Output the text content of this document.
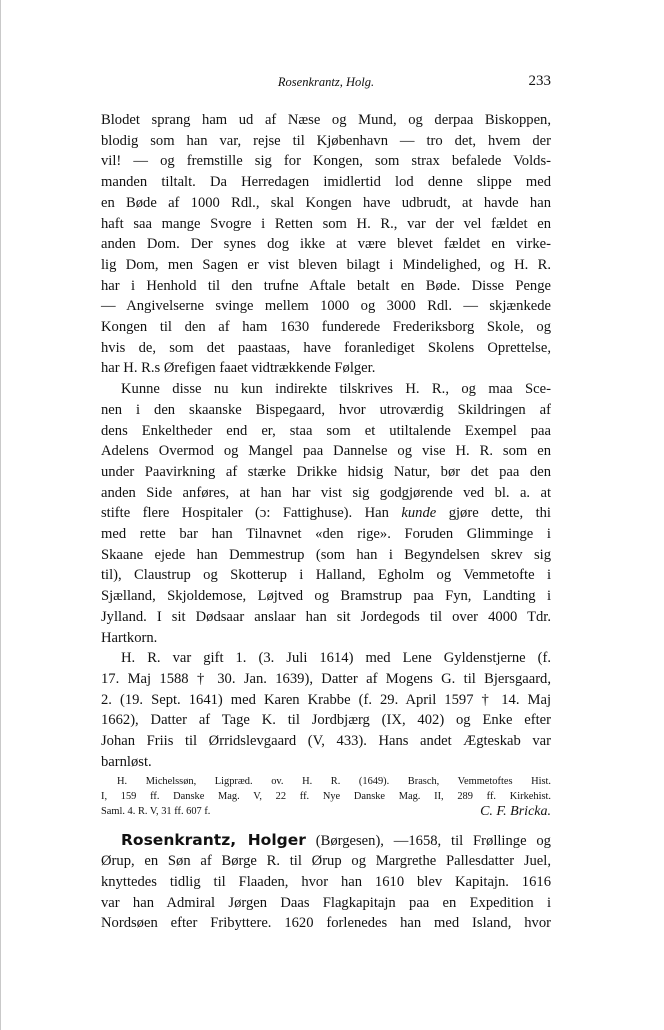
Rosenkrantz, Holg.	233
Blodet sprang ham ud af Næse og Mund, og derpaa Biskoppen,
blodig som han var, rejse til Kjøbenhavn — tro det, hvem der
vil! — og fremstille sig for Kongen, som strax befalede Volds-
manden tiltalt. Da Herredagen imidlertid lod denne slippe med
en Bøde af 1000 Rdl., skal Kongen have udbrudt, at havde han
haft saa mange Svogre i Retten som H. R., var der vel fældet en
anden Dom. Der synes dog ikke at være blevet fældet en virke-
lig Dom, men Sagen er vist bleven bilagt i Mindelighed, og H. R.
har i Henhold til den trufne Aftale betalt en Bøde. Disse Penge
— Angivelserne svinge mellem 1000 og 3000 Rdl. — skjænkede
Kongen til den af ham 1630 funderede Frederiksborg Skole, og
hvis de, som det paastaas, have foranlediget Skolens Oprettelse,
har H. R.s Ørefigen faaet vidtrækkende Følger.
Kunne disse nu kun indirekte tilskrives H. R., og maa Sce-
nen i den skaanske Bispegaard, hvor utroværdig Skildringen af
dens Enkeltheder end er, staa som et utiltalende Exempel paa
Adelens Overmod og Mangel paa Dannelse og vise H. R. som en
under Paavirkning af stærke Drikke hidsig Natur, bør det paa den
anden Side anføres, at han har vist sig godgjørende ved bl. a. at
stifte flere Hospitaler (ɔ: Fattighuse). Han kunde gjøre dette, thi
med rette bar han Tilnavnet «den rige». Foruden Glimminge i
Skaane ejede han Demmestrup (som han i Begyndelsen skrev sig
til), Claustrup og Skotterup i Halland, Egholm og Vemmetofte i
Sjælland, Skjoldemose, Løjtved og Bramstrup paa Fyn, Landting i
Jylland. I sit Dødsaar anslaar han sit Jordegods til over 4000 Tdr.
Hartkorn.
H. R. var gift 1. (3. Juli 1614) med Lene Gyldenstjerne (f.
17. Maj 1588 † 30. Jan. 1639), Datter af Mogens G. til Bjersgaard,
2. (19. Sept. 1641) med Karen Krabbe (f. 29. April 1597 † 14. Maj
1662), Datter af Tage K. til Jordbjærg (IX, 402) og Enke efter
Johan Friis til Ørridslevgaard (V, 433). Hans andet Ægteskab var
barnløst.
H. Michelssøn, Ligpræd. ov. H. R. (1649). Brasch, Vemmetoftes Hist.
I, 159 ff. Danske Mag. V, 22 ff. Nye Danske Mag. II, 289 ff. Kirkehist.
Saml. 4. R. V, 31 ff. 607 f.	C. F. Bricka.
Rosenkrantz, Holger (Børgesen), —1658, til Frøllinge og
Ørup, en Søn af Børge R. til Ørup og Margrethe Pallesdatter Juel,
knyttedes tidlig til Flaaden, hvor han 1610 blev Kapitajn. 1616
var han Admiral Jørgen Daas Flagkapitajn paa en Expedition i
Nordsøen efter Fribyttere. 1620 forlenedes han med Island, hvor
